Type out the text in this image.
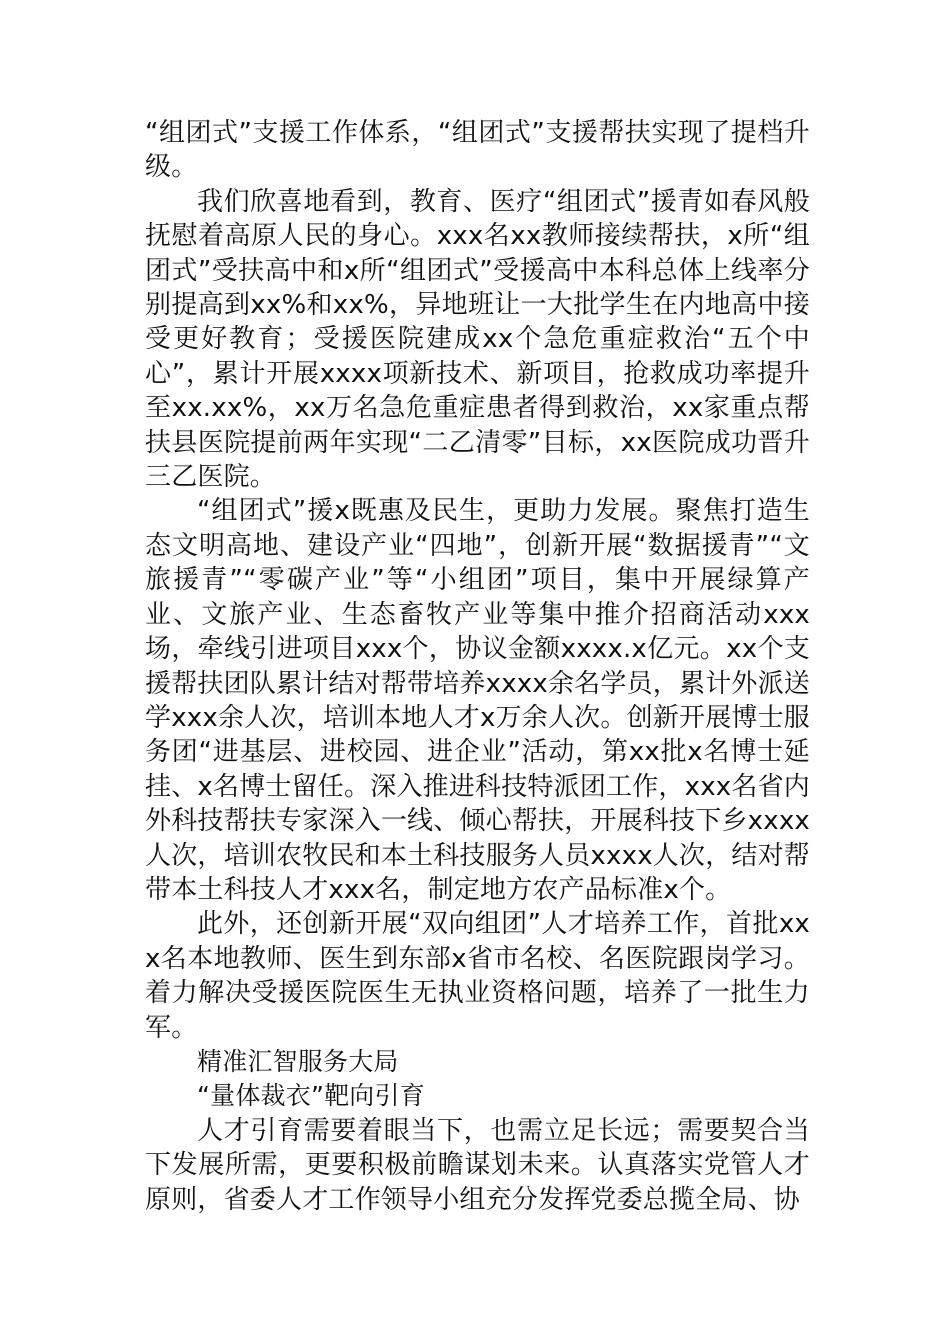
“组团式”支援工作体系，“组团式”支援帮扶实现了提档升级。

我们欣喜地看到，教育、医疗“组团式”援青如春风般抚慰着高原人民的身心。xxx名xx教师接续帮扶，x所“组团式”受扶高中和x所“组团式”受援高中本科总体上线率分别提高到xx%和xx%，异地班让一大批学生在内地高中接受更好教育；受援医院建成xx个急危重症救治“五个中心”，累计开展xxxx项新技术、新项目，抢救成功率提升至xx.xx%，xx万名急危重症患者得到救治，xx家重点帮扶县医院提前两年实现“二乙清零”目标，xx医院成功晋升三乙医院。

“组团式”援x既惠及民生，更助力发展。聚焦打造生态文明高地、建设产业“四地”，创新开展“数据援青”“文旅援青”“零碳产业”等“小组团”项目，集中开展绿算产业、文旅产业、生态畜牧产业等集中推介招商活动xxx场，牵线引进项目xxx个，协议金额xxxx.x亿元。xx个支援帮扶团队累计结对帮带培养xxxx余名学员，累计外派送学xxx余人次，培训本地人才x万余人次。创新开展博士服务团“进基层、进校园、进企业”活动，第xx批x名博士延挂、x名博士留任。深入推进科技特派团工作，xxx名省内外科技帮扶专家深入一线、倾心帮扶，开展科技下乡xxxx人次，培训农牧民和本土科技服务人员xxxx人次，结对帮带本土科技人才xxx名，制定地方农产品标准x个。

此外，还创新开展“双向组团”人才培养工作，首批xxx名本地教师、医生到东部x省市名校、名医院跟岗学习。着力解决受援医院医生无执业资格问题，培养了一批生力军。

精准汇智服务大局

“量体裁衣”靶向引育

人才引育需要着眼当下，也需立足长远；需要契合当下发展所需，更要积极前瞻谋划未来。认真落实党管人才原则，省委人才工作领导小组充分发挥党委总揽全局、协
